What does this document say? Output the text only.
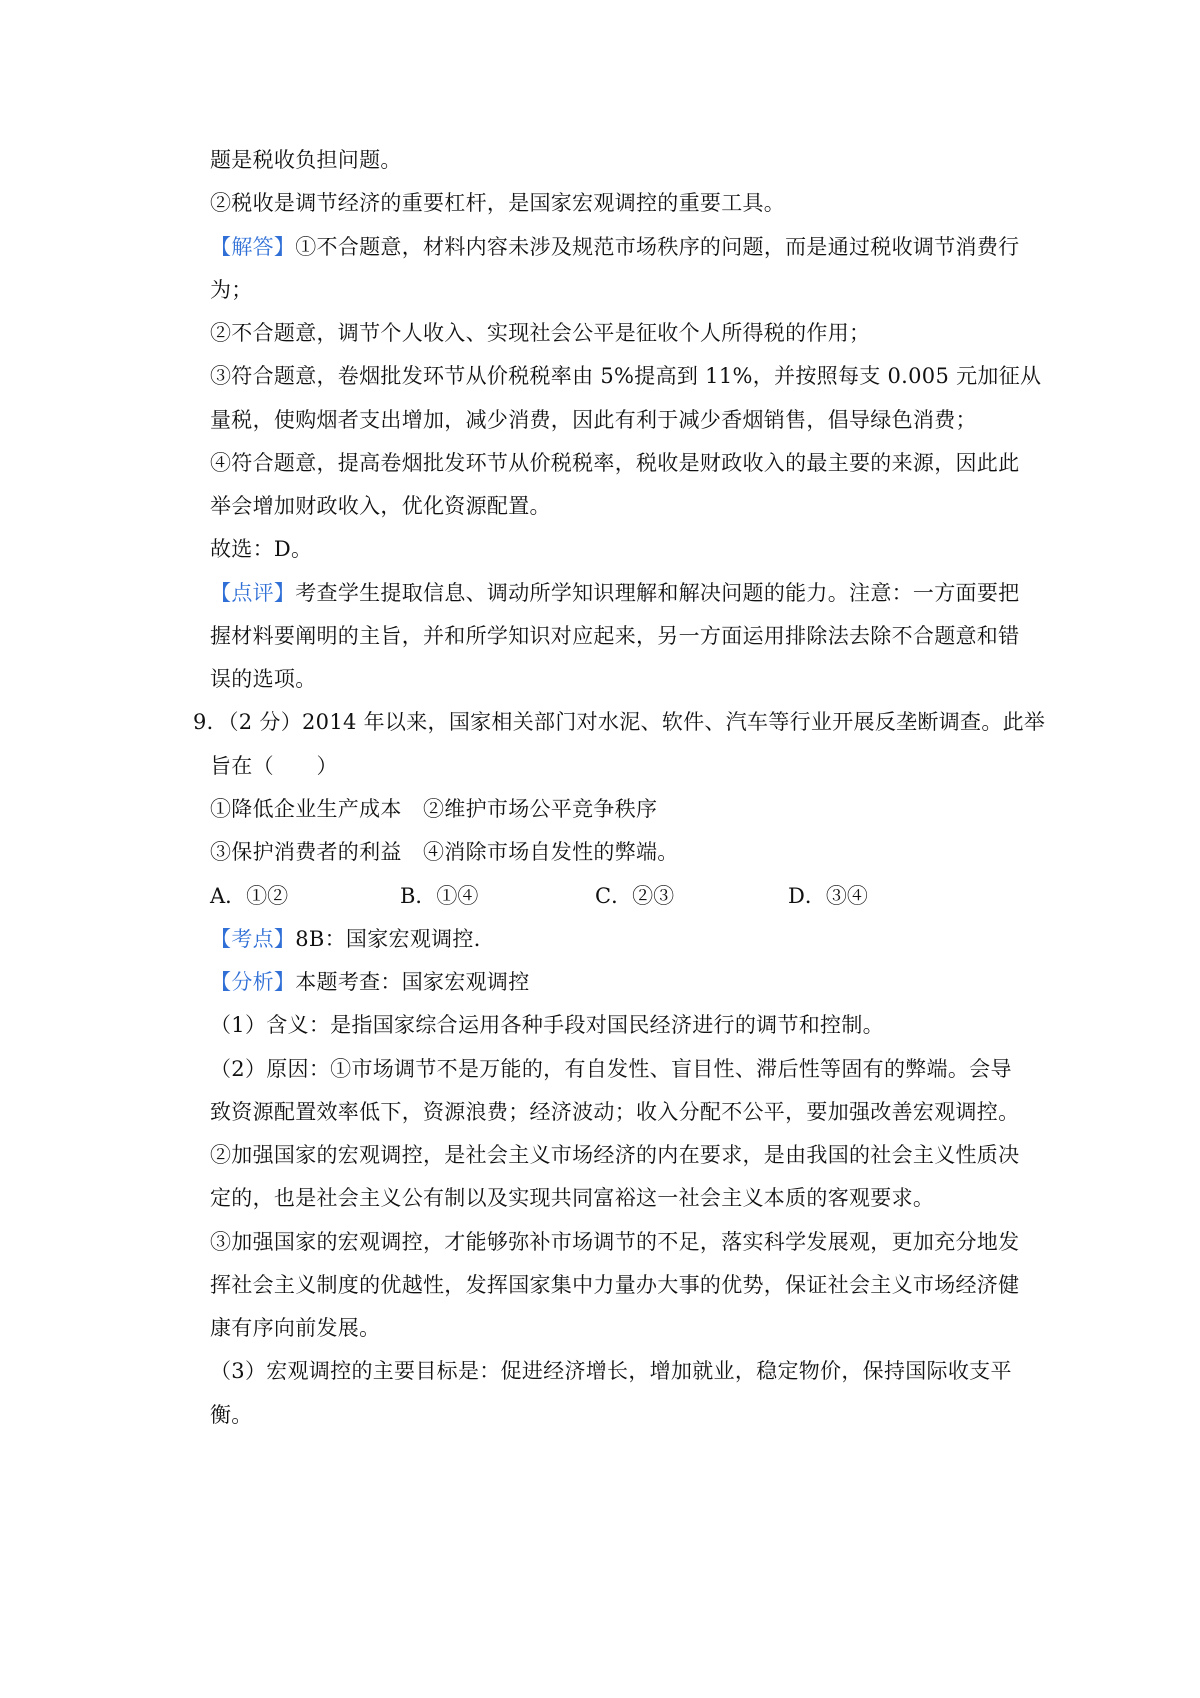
题是税收负担问题。
②税收是调节经济的重要杠杆，是国家宏观调控的重要工具。
【解答】①不合题意，材料内容未涉及规范市场秩序的问题，而是通过税收调节消费行
为；
②不合题意，调节个人收入、实现社会公平是征收个人所得税的作用；
③符合题意，卷烟批发环节从价税税率由 5%提高到 11%，并按照每支 0.005 元加征从
量税，使购烟者支出增加，减少消费，因此有利于减少香烟销售，倡导绿色消费；
④符合题意，提高卷烟批发环节从价税税率，税收是财政收入的最主要的来源，因此此
举会增加财政收入，优化资源配置。
故选：D。
【点评】考查学生提取信息、调动所学知识理解和解决问题的能力。注意：一方面要把
握材料要阐明的主旨，并和所学知识对应起来，另一方面运用排除法去除不合题意和错
误的选项。
9．（2 分）2014 年以来，国家相关部门对水泥、软件、汽车等行业开展反垄断调查。此举
旨在（　　）
①降低企业生产成本　②维护市场公平竞争秩序
③保护消费者的利益　④消除市场自发性的弊端。
A．①②	B．①④	C．②③	D．③④
【考点】8B：国家宏观调控．
【分析】本题考查：国家宏观调控
（1）含义：是指国家综合运用各种手段对国民经济进行的调节和控制。
（2）原因：①市场调节不是万能的，有自发性、盲目性、滞后性等固有的弊端。会导
致资源配置效率低下，资源浪费；经济波动；收入分配不公平，要加强改善宏观调控。
②加强国家的宏观调控，是社会主义市场经济的内在要求，是由我国的社会主义性质决
定的，也是社会主义公有制以及实现共同富裕这一社会主义本质的客观要求。
③加强国家的宏观调控，才能够弥补市场调节的不足，落实科学发展观，更加充分地发
挥社会主义制度的优越性，发挥国家集中力量办大事的优势，保证社会主义市场经济健
康有序向前发展。
（3）宏观调控的主要目标是：促进经济增长，增加就业，稳定物价，保持国际收支平
衡。
